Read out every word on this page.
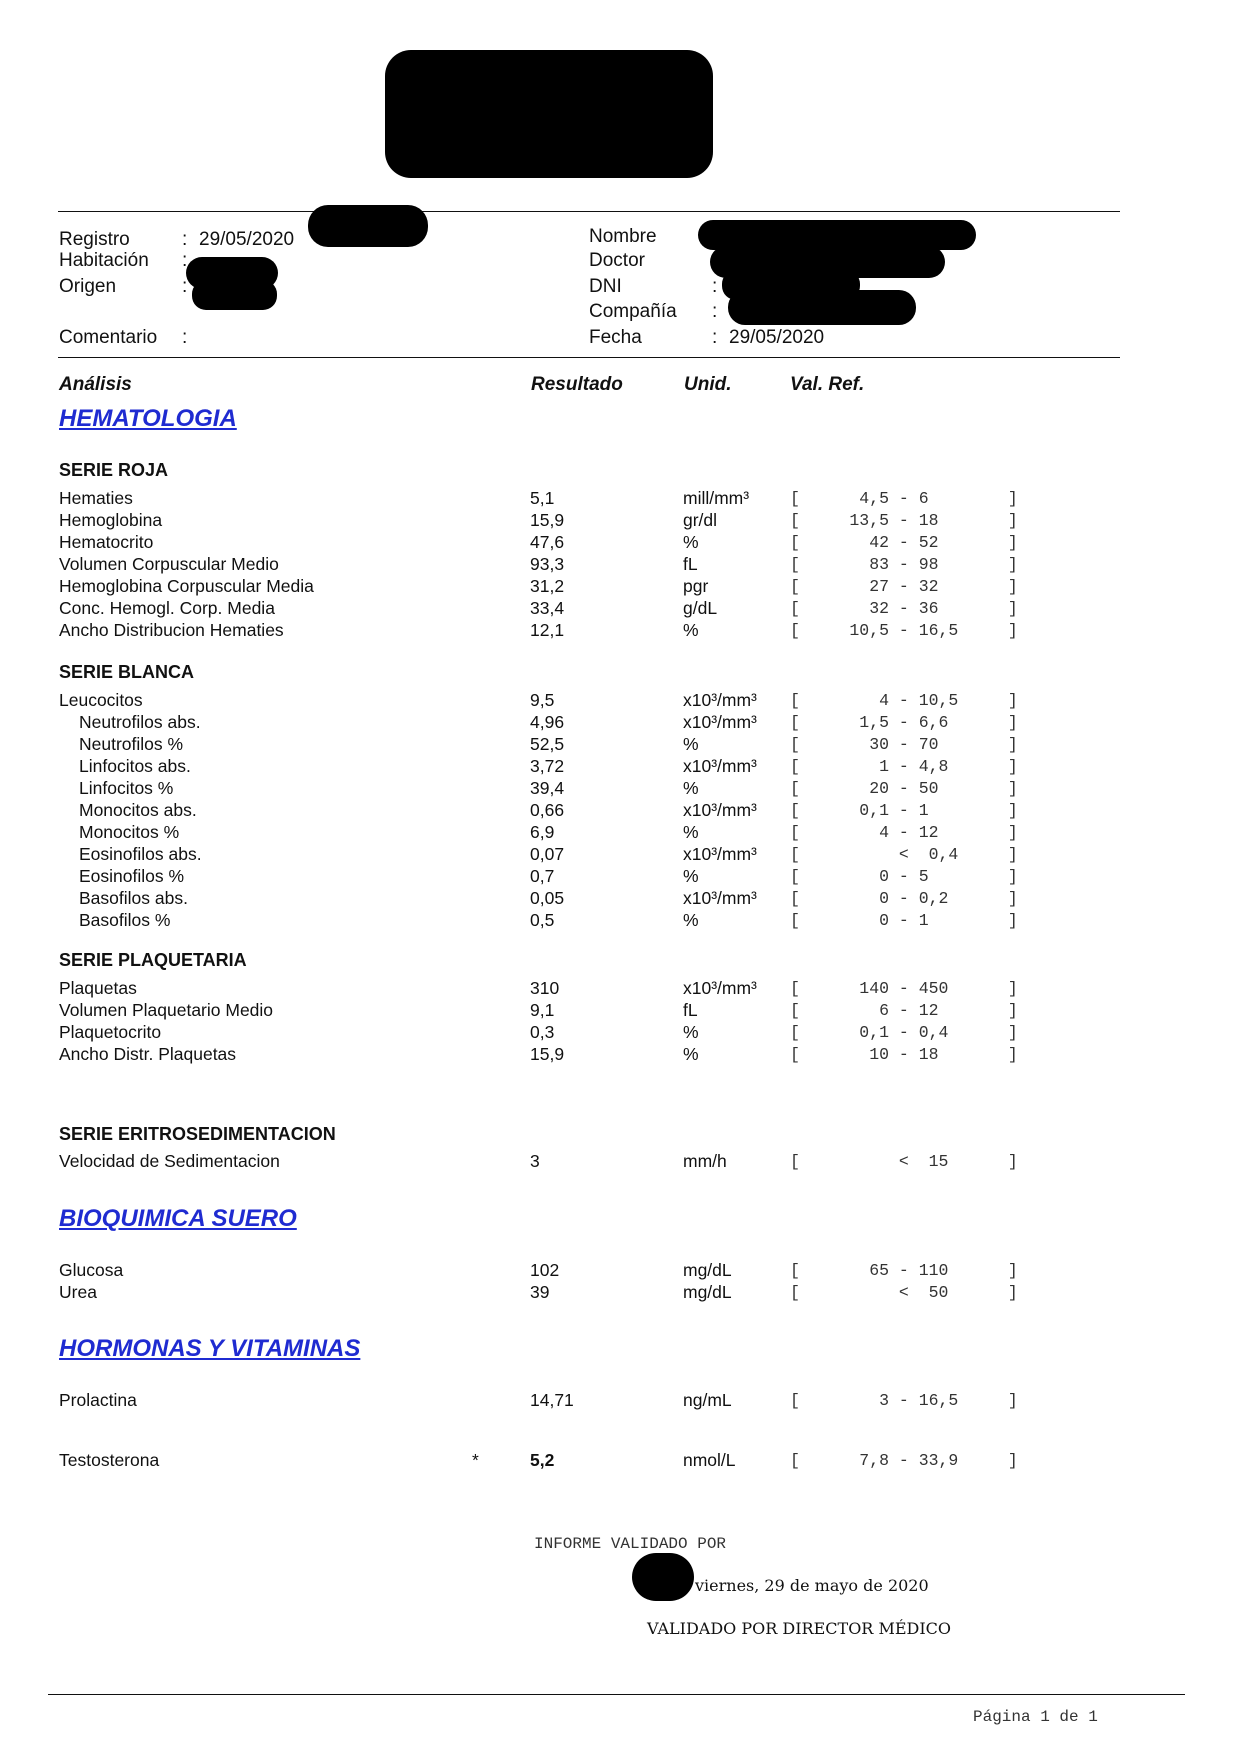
Registro	: 29/05/2020
Habitación :
Origen	:
Comentario :
Nombre
Doctor
DNI	:
Compañía :
Fecha	: 29/05/2020
Análisis	Resultado	Unid.	Val. Ref.
HEMATOLOGIA
BIOQUIMICA SUERO
HORMONAS Y VITAMINAS
SERIE ROJA
SERIE BLANCA
SERIE PLAQUETARIA
SERIE ERITROSEDIMENTACION
Hematies	5,1	mill/mm³ [      4,5 - 6        ]
Hemoglobina	15,9	gr/dl	[     13,5 - 18       ]
Hematocrito	47,6	%	[       42 - 52       ]
Volumen Corpuscular Medio	93,3	fL	[       83 - 98       ]
Hemoglobina Corpuscular Media	31,2	pgr	[       27 - 32       ]
Conc. Hemogl. Corp. Media	33,4	g/dL	[       32 - 36       ]
Ancho Distribucion Hematies	12,1	%	[     10,5 - 16,5     ]
Leucocitos	9,5	x10³/mm³ [        4 - 10,5     ]
Neutrofilos abs.	4,96	x10³/mm³ [      1,5 - 6,6      ]
Neutrofilos %	52,5	%	[       30 - 70       ]
Linfocitos abs.	3,72	x10³/mm³ [        1 - 4,8      ]
Linfocitos %	39,4	%	[       20 - 50       ]
Monocitos abs.	0,66	x10³/mm³ [      0,1 - 1        ]
Monocitos %	6,9	%	[        4 - 12       ]
Eosinofilos abs.	0,07	x10³/mm³ [          <  0,4     ]
Eosinofilos %	0,7	%	[        0 - 5        ]
Basofilos abs.	0,05	x10³/mm³ [        0 - 0,2      ]
Basofilos %	0,5	%	[        0 - 1        ]
Plaquetas	310	x10³/mm³ [      140 - 450      ]
Volumen Plaquetario Medio	9,1	fL	[        6 - 12       ]
Plaquetocrito	0,3	%	[      0,1 - 0,4      ]
Ancho Distr. Plaquetas	15,9	%	[       10 - 18       ]
Velocidad de Sedimentacion	3	mm/h	[          <  15      ]
Glucosa	102	mg/dL	[       65 - 110      ]
Urea	39	mg/dL	[          <  50      ]
Prolactina	14,71	ng/mL	[        3 - 16,5     ]
Testosterona	5,2	nmol/L	[      7,8 - 33,9     ]
*
INFORME VALIDADO POR
viernes, 29 de mayo de 2020
VALIDADO POR DIRECTOR MÉDICO
Página 1 de 1
